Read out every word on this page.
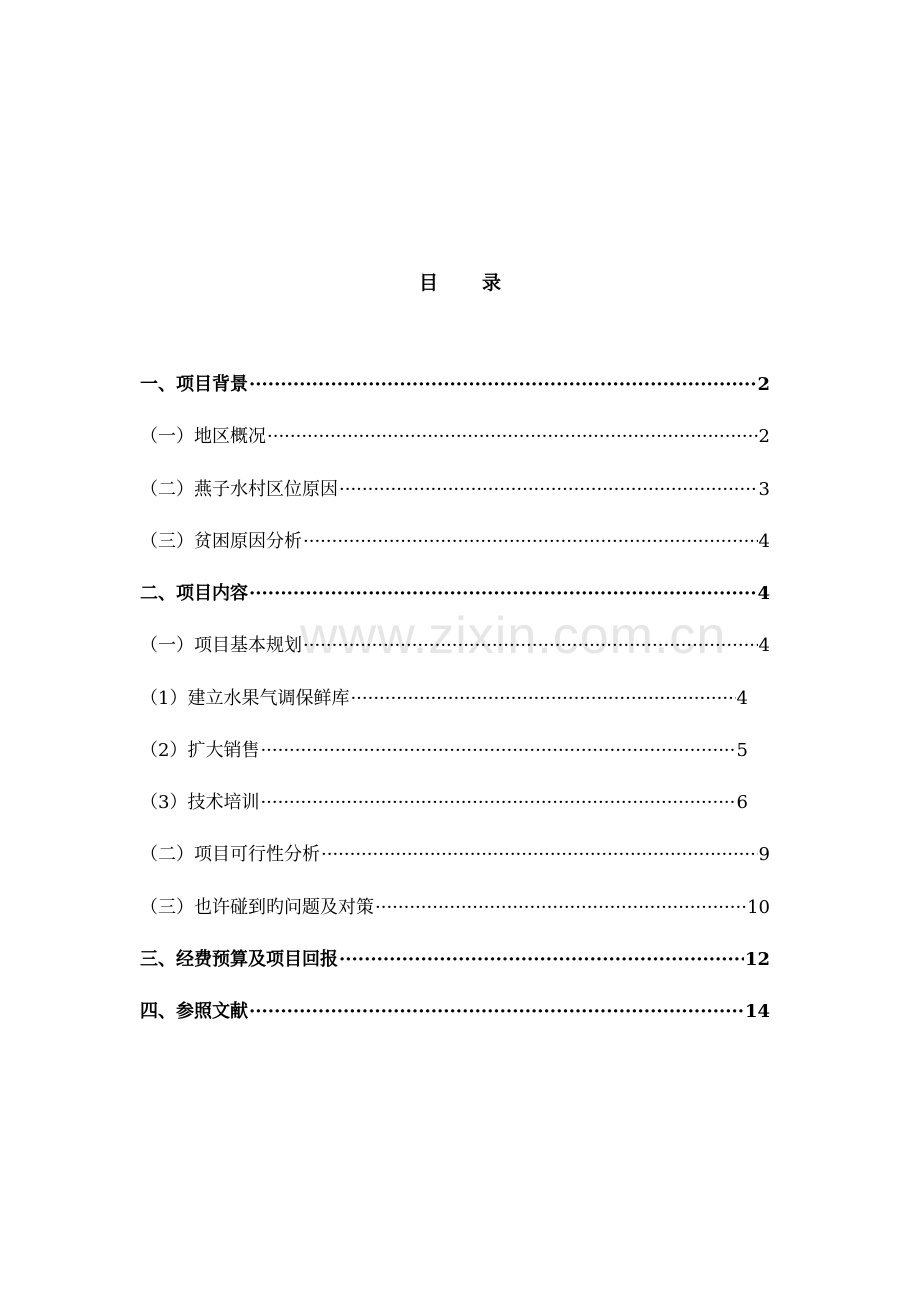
www.zixin.com.cn
目 录
一、项目背景 ·····	2
（一）地区概况 ·····	2
（二）燕子水村区位原因 ·····	3
（三）贫困原因分析 ·····	4
二、项目内容 ·····	4
（一）项目基本规划 ·····	4
（1）建立水果气调保鲜库 ·····	4
（2）扩大销售 ·····	5
（3）技术培训 ·····	6
（二）项目可行性分析 ·····	9
（三）也许碰到旳问题及对策 ·····	10
三、经费预算及项目回报 ·····	12
四、参照文献 ·····	14
